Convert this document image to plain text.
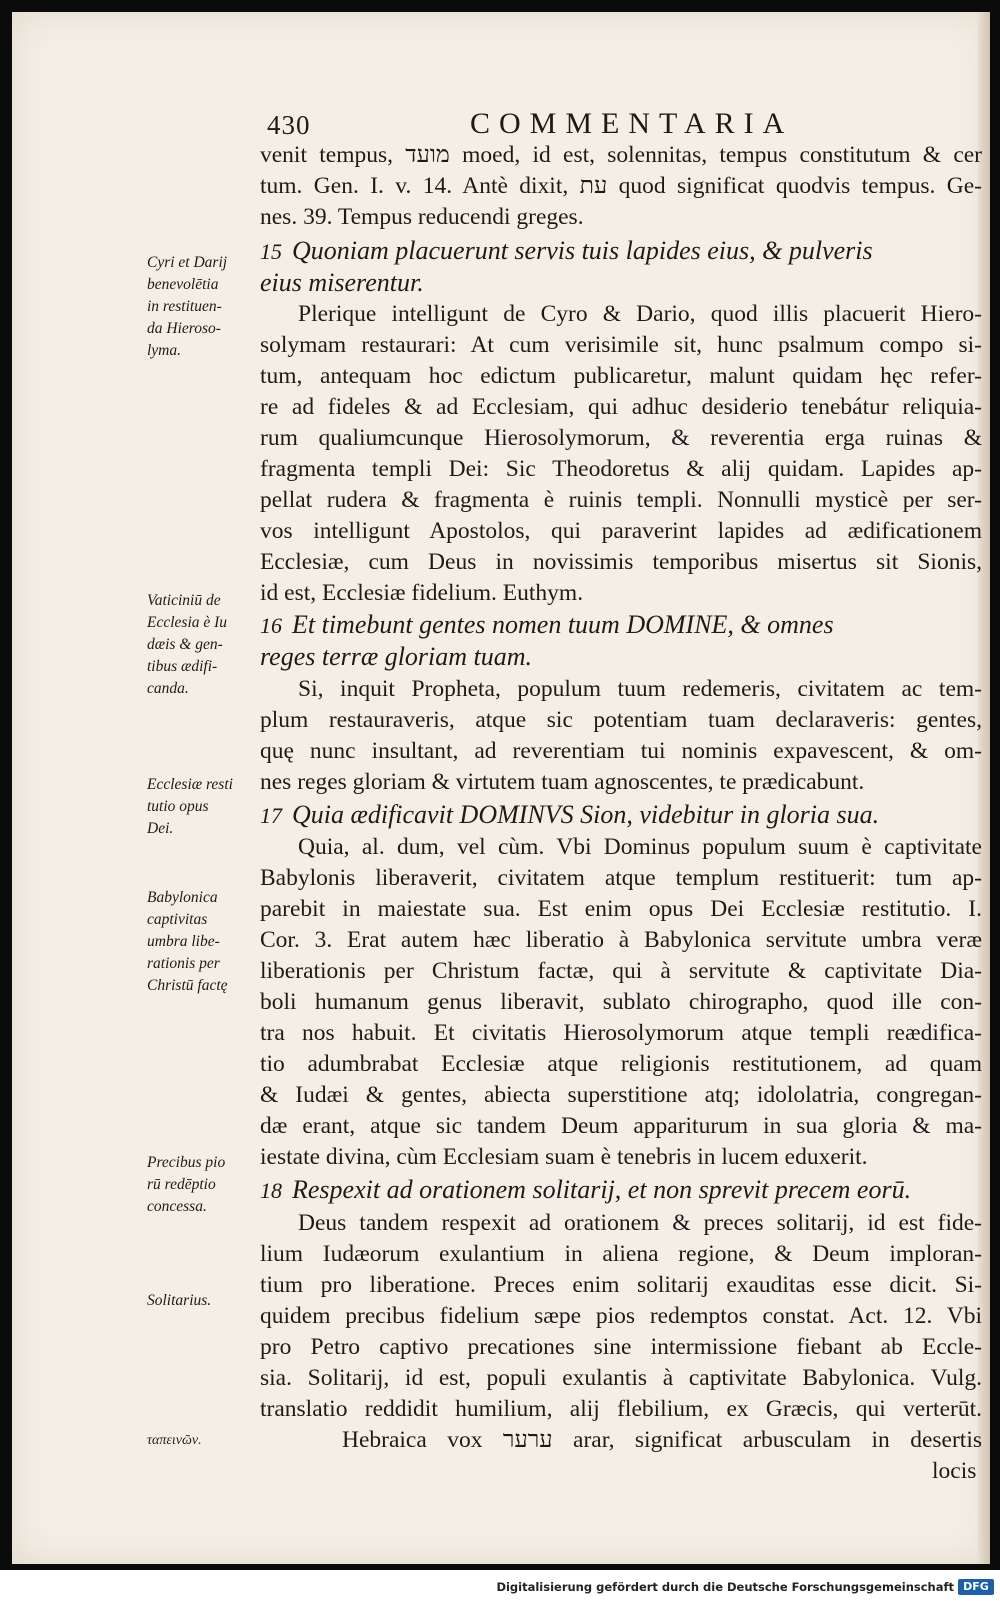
430	COMMENTARIA
venit tempus, מועד moed, id est, solennitas, tempus constitutum & cer
tum. Gen. I. v. 14. Antè dixit, עת quod significat quodvis tempus. Ge-
nes. 39. Tempus reducendi greges.
15 Quoniam placuerunt servis tuis lapides eius, & pulveris
eius miserentur.
Plerique intelligunt de Cyro & Dario, quod illis placuerit Hiero-
solymam restaurari: At cum verisimile sit, hunc psalmum compo si-
tum, antequam hoc edictum publicaretur, malunt quidam hęc refer-
re ad fideles & ad Ecclesiam, qui adhuc desiderio tenebátur reliquia-
rum qualiumcunque Hierosolymorum, & reverentia erga ruinas &
fragmenta templi Dei: Sic Theodoretus & alij quidam. Lapides ap-
pellat rudera & fragmenta è ruinis templi. Nonnulli mysticè per ser-
vos intelligunt Apostolos, qui paraverint lapides ad ædificationem
Ecclesiæ, cum Deus in novissimis temporibus misertus sit Sionis,
id est, Ecclesiæ fidelium. Euthym.
16 Et timebunt gentes nomen tuum DOMINE, & omnes
reges terræ gloriam tuam.
Si, inquit Propheta, populum tuum redemeris, civitatem ac tem-
plum restauraveris, atque sic potentiam tuam declaraveris: gentes,
quę nunc insultant, ad reverentiam tui nominis expavescent, & om-
nes reges gloriam & virtutem tuam agnoscentes, te prædicabunt.
17 Quia ædificavit DOMINVS Sion, videbitur in gloria sua.
Quia, al. dum, vel cùm. Vbi Dominus populum suum è captivitate
Babylonis liberaverit, civitatem atque templum restituerit: tum ap-
parebit in maiestate sua. Est enim opus Dei Ecclesiæ restitutio. I.
Cor. 3. Erat autem hæc liberatio à Babylonica servitute umbra veræ
liberationis per Christum factæ, qui à servitute & captivitate Dia-
boli humanum genus liberavit, sublato chirographo, quod ille con-
tra nos habuit. Et civitatis Hierosolymorum atque templi reædifica-
tio adumbrabat Ecclesiæ atque religionis restitutionem, ad quam
& Iudæi & gentes, abiecta superstitione atq; idololatria, congregan-
dæ erant, atque sic tandem Deum appariturum in sua gloria & ma-
iestate divina, cùm Ecclesiam suam è tenebris in lucem eduxerit.
18 Respexit ad orationem solitarij, et non sprevit precem eorū.
Deus tandem respexit ad orationem & preces solitarij, id est fide-
lium Iudæorum exulantium in aliena regione, & Deum imploran-
tium pro liberatione. Preces enim solitarij exauditas esse dicit. Si-
quidem precibus fidelium sæpe pios redemptos constat. Act. 12. Vbi
pro Petro captivo precationes sine intermissione fiebant ab Eccle-
sia. Solitarij, id est, populi exulantis à captivitate Babylonica. Vulg.
translatio reddidit humilium, alij flebilium, ex Græcis, qui verterūt.
ταπεινῶν.	Hebraica vox ערער arar, significat arbusculam in desertis
locis
Cyri et Darij
benevolētia
in restituen-
da Hieroso-
lyma.
Vaticiniū de
Ecclesia è Iu
dæis & gen-
tibus ædifi-
canda.
Ecclesiæ resti
tutio opus
Dei.
Babylonica
captivitas
umbra libe-
rationis per
Christū factę
Precibus pio
rū redēptio
concessa.
Solitarius.
Digitalisierung gefördert durch die Deutsche Forschungsgemeinschaft DFG
